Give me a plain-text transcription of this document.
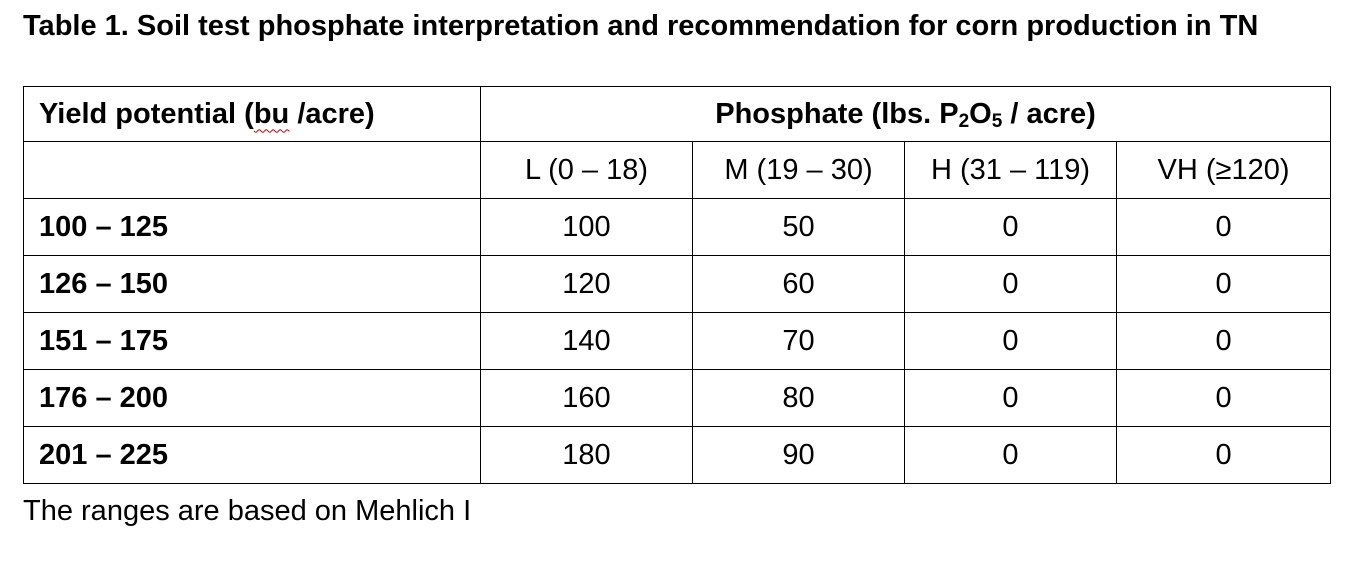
Table 1. Soil test phosphate interpretation and recommendation for corn production in TN
Yield potential (bu /acre)	Phosphate (lbs. $P_2O_5$ / acre)			
	L (0 – 18)	M (19 – 30)	H (31 – 119)	VH (≥120)
100 – 125	100	50	0	0
126 – 150	120	60	0	0
151 – 175	140	70	0	0
176 – 200	160	80	0	0
201 – 225	180	90	0	0
The ranges are based on Mehlich I
